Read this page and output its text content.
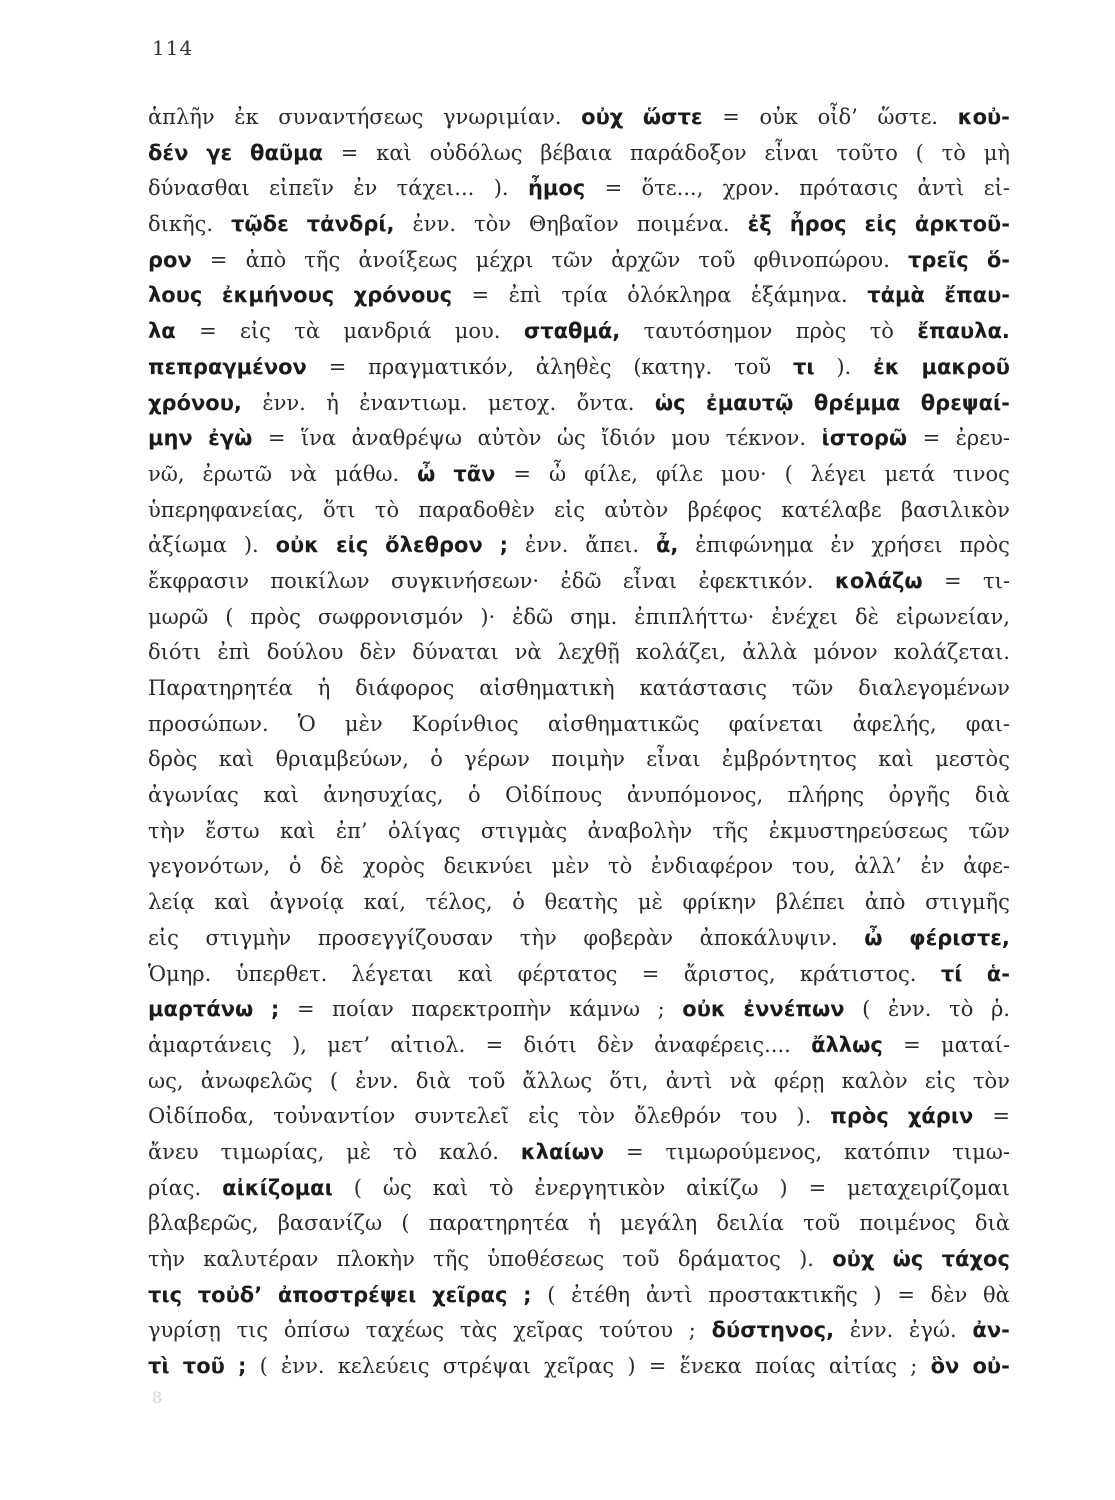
114
ἁπλῆν ἐκ συναντήσεως γνωριμίαν. οὐχ ὥστε = οὐκ οἶδ’ ὥστε. κοὐ-
δέν γε θαῦμα = καὶ οὐδόλως βέβαια παράδοξον εἶναι τοῦτο ( τὸ μὴ
δύνασθαι εἰπεῖν ἐν τάχει... ). ἦμος = ὅτε..., χρον. πρότασις ἀντὶ εἰ-
δικῆς. τῷδε τἀνδρί, ἐνν. τὸν Θηβαῖον ποιμένα. ἐξ ἦρος εἰς ἀρκτοῦ-
ρον = ἀπὸ τῆς ἀνοίξεως μέχρι τῶν ἀρχῶν τοῦ φθινοπώρου. τρεῖς ὅ-
λους ἐκμήνους χρόνους = ἐπὶ τρία ὁλόκληρα ἑξάμηνα. τἀμὰ ἔπαυ-
λα = εἰς τὰ μανδριά μου. σταθμά, ταυτόσημον πρὸς τὸ ἔπαυλα.
πεπραγμένον = πραγματικόν, ἀληθὲς (κατηγ. τοῦ τι ). ἐκ μακροῦ
χρόνου, ἐνν. ἡ ἐναντιωμ. μετοχ. ὄντα. ὡς ἐμαυτῷ θρέμμα θρεψαί-
μην ἐγὼ = ἵνα ἀναθρέψω αὐτὸν ὡς ἴδιόν μου τέκνον. ἱστορῶ = ἐρευ-
νῶ, ἐρωτῶ νὰ μάθω. ὦ τᾶν = ὦ φίλε, φίλε μου· ( λέγει μετά τινος
ὑπερηφανείας, ὅτι τὸ παραδοθὲν εἰς αὐτὸν βρέφος κατέλαβε βασιλικὸν
ἀξίωμα ). οὐκ εἰς ὄλεθρον ; ἐνν. ἄπει. ἆ, ἐπιφώνημα ἐν χρήσει πρὸς
ἔκφρασιν ποικίλων συγκινήσεων· ἐδῶ εἶναι ἐφεκτικόν. κολάζω = τι-
μωρῶ ( πρὸς σωφρονισμόν )· ἐδῶ σημ. ἐπιπλήττω· ἐνέχει δὲ εἰρωνείαν,
διότι ἐπὶ δούλου δὲν δύναται νὰ λεχθῇ κολάζει, ἀλλὰ μόνον κολάζεται.
Παρατηρητέα ἡ διάφορος αἰσθηματικὴ κατάστασις τῶν διαλεγομένων
προσώπων. Ὁ μὲν Κορίνθιος αἰσθηματικῶς φαίνεται ἀφελής, φαι-
δρὸς καὶ θριαμβεύων, ὁ γέρων ποιμὴν εἶναι ἐμβρόντητος καὶ μεστὸς
ἀγωνίας καὶ ἀνησυχίας, ὁ Οἰδίπους ἀνυπόμονος, πλήρης ὀργῆς διὰ
τὴν ἔστω καὶ ἐπ’ ὀλίγας στιγμὰς ἀναβολὴν τῆς ἐκμυστηρεύσεως τῶν
γεγονότων, ὁ δὲ χορὸς δεικνύει μὲν τὸ ἐνδιαφέρον του, ἀλλ’ ἐν ἀφε-
λείᾳ καὶ ἀγνοίᾳ καί, τέλος, ὁ θεατὴς μὲ φρίκην βλέπει ἀπὸ στιγμῆς
εἰς στιγμὴν προσεγγίζουσαν τὴν φοβερὰν ἀποκάλυψιν. ὦ φέριστε,
Ὁμηρ. ὑπερθετ. λέγεται καὶ φέρτατος = ἄριστος, κράτιστος. τί ἁ-
μαρτάνω ; = ποίαν παρεκτροπὴν κάμνω ; οὐκ ἐννέπων ( ἐνν. τὸ ῥ.
ἁμαρτάνεις ), μετ’ αἰτιολ. = διότι δὲν ἀναφέρεις.... ἄλλως = ματαί-
ως, ἀνωφελῶς ( ἐνν. διὰ τοῦ ἄλλως ὅτι, ἀντὶ νὰ φέρῃ καλὸν εἰς τὸν
Οἰδίποδα, τοὐναντίον συντελεῖ εἰς τὸν ὄλεθρόν του ). πρὸς χάριν =
ἄνευ τιμωρίας, μὲ τὸ καλό. κλαίων = τιμωρούμενος, κατόπιν τιμω-
ρίας. αἰκίζομαι ( ὡς καὶ τὸ ἐνεργητικὸν αἰκίζω ) = μεταχειρίζομαι
βλαβερῶς, βασανίζω ( παρατηρητέα ἡ μεγάλη δειλία τοῦ ποιμένος διὰ
τὴν καλυτέραν πλοκὴν τῆς ὑποθέσεως τοῦ δράματος ). οὐχ ὡς τάχος
τις τοὐδ’ ἀποστρέψει χεῖρας ; ( ἐτέθη ἀντὶ προστακτικῆς ) = δὲν θὰ
γυρίσῃ τις ὀπίσω ταχέως τὰς χεῖρας τούτου ; δύστηνος, ἐνν. ἐγώ. ἀν-
τὶ τοῦ ; ( ἐνν. κελεύεις στρέψαι χεῖρας ) = ἕνεκα ποίας αἰτίας ; ὃν οὐ-
8
